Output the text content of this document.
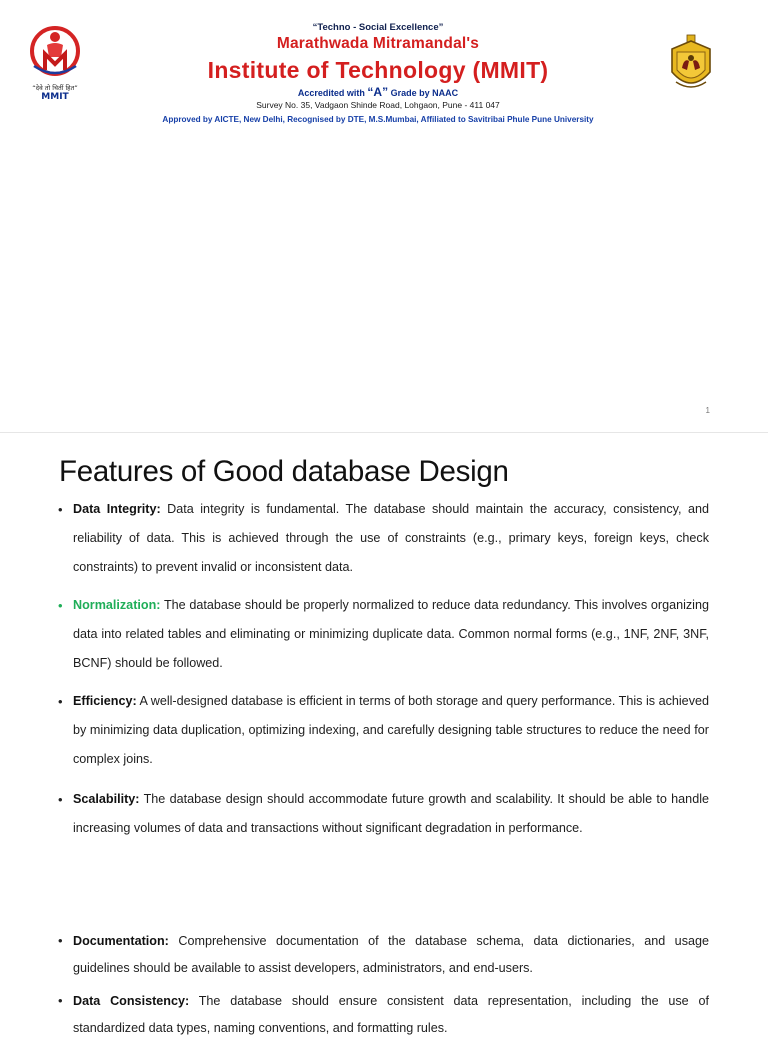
“देवे तो चितीं हित”
MMIT
“Techno - Social Excellence”
Marathwada Mitramandal's
Institute of Technology (MMIT)
Accredited with “A” Grade by NAAC
Survey No. 35, Vadgaon Shinde Road, Lohgaon, Pune - 411 047
Approved by AICTE, New Delhi, Recognised by DTE, M.S.Mumbai, Affiliated to Savitribai Phule Pune University
1
Features of Good database Design
• Data Integrity: Data integrity is fundamental. The database should maintain the accuracy, consistency, and reliability of data. This is achieved through the use of constraints (e.g., primary keys, foreign keys, check constraints) to prevent invalid or inconsistent data.

• Normalization: The database should be properly normalized to reduce data redundancy. This involves organizing data into related tables and eliminating or minimizing duplicate data. Common normal forms (e.g., 1NF, 2NF, 3NF, BCNF) should be followed.

• Efficiency: A well-designed database is efficient in terms of both storage and query performance. This is achieved by minimizing data duplication, optimizing indexing, and carefully designing table structures to reduce the need for complex joins.

• Scalability: The database design should accommodate future growth and scalability. It should be able to handle increasing volumes of data and transactions without significant degradation in performance.

• Documentation: Comprehensive documentation of the database schema, data dictionaries, and usage guidelines should be available to assist developers, administrators, and end-users.

• Data Consistency: The database should ensure consistent data representation, including the use of standardized data types, naming conventions, and formatting rules.
